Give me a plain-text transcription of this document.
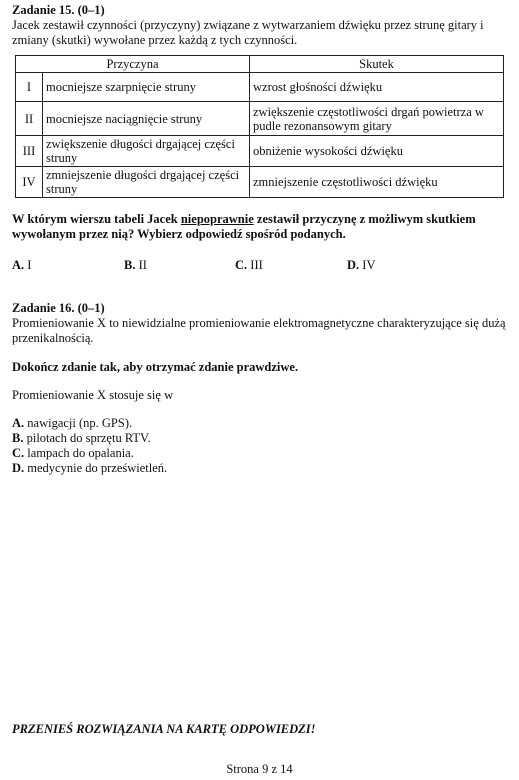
Zadanie 15. (0–1)
Jacek zestawił czynności (przyczyny) związane z wytwarzaniem dźwięku przez strunę gitary i zmiany (skutki) wywołane przez każdą z tych czynności.
Przyczyna		Skutek
I	mocniejsze szarpnięcie struny	wzrost głośności dźwięku
II	mocniejsze naciągnięcie struny	zwiększenie częstotliwości drgań powietrza w pudle rezonansowym gitary
III	zwiększenie długości drgającej części struny	obniżenie wysokości dźwięku
IV	zmniejszenie długości drgającej części struny	zmniejszenie częstotliwości dźwięku
W którym wierszu tabeli Jacek niepoprawnie zestawił przyczynę z możliwym skutkiem wywołanym przez nią? Wybierz odpowiedź spośród podanych.
A. I	B. II	C. III	D. IV
Zadanie 16. (0–1)
Promieniowanie X to niewidzialne promieniowanie elektromagnetyczne charakteryzujące się dużą przenikalnością.
Dokończ zdanie tak, aby otrzymać zdanie prawdziwe.
Promieniowanie X stosuje się w
A. nawigacji (np. GPS).
B. pilotach do sprzętu RTV.
C. lampach do opalania.
D. medycynie do prześwietleń.
PRZENIEŚ ROZWIĄZANIA NA KARTĘ ODPOWIEDZI!
Strona 9 z 14
